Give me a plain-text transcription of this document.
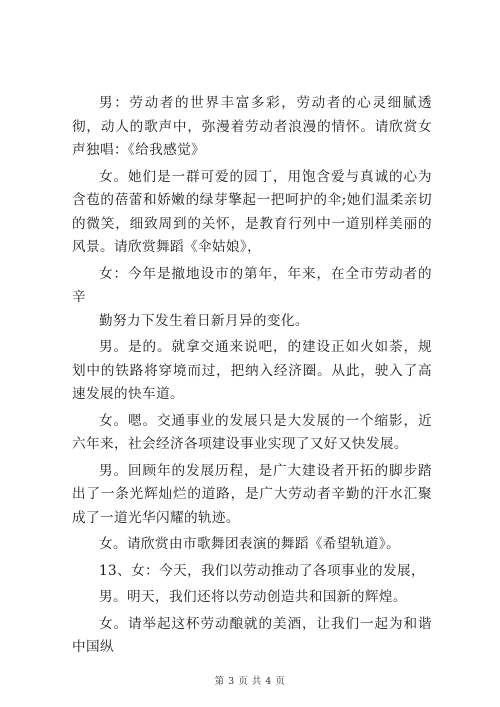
男：劳动者的世界丰富多彩，劳动者的心灵细腻透彻，动人的歌声中，弥漫着劳动者浪漫的情怀。请欣赏女声独唱：《给我感觉》

女。她们是一群可爱的园丁，用饱含爱与真诚的心为含苞的蓓蕾和娇嫩的绿芽擎起一把呵护的伞;她们温柔亲切的微笑，细致周到的关怀，是教育行列中一道别样美丽的风景。请欣赏舞蹈《伞姑娘》，

女：今年是撤地设市的第年，年来，在全市劳动者的辛

勤努力下发生着日新月异的变化。

男。是的。就拿交通来说吧，的建设正如火如荼，规划中的铁路将穿境而过，把纳入经济圈。从此，驶入了高速发展的快车道。

女。嗯。交通事业的发展只是大发展的一个缩影，近六年来，社会经济各项建设事业实现了又好又快发展。

男。回顾年的发展历程，是广大建设者开拓的脚步踏出了一条光辉灿烂的道路，是广大劳动者辛勤的汗水汇聚成了一道光华闪耀的轨迹。

女。请欣赏由市歌舞团表演的舞蹈《希望轨道》。

13、女：今天，我们以劳动推动了各项事业的发展，

男。明天，我们还将以劳动创造共和国新的辉煌。

女。请举起这杯劳动酿就的美酒，让我们一起为和谐中国纵

第 3 页 共 4 页
